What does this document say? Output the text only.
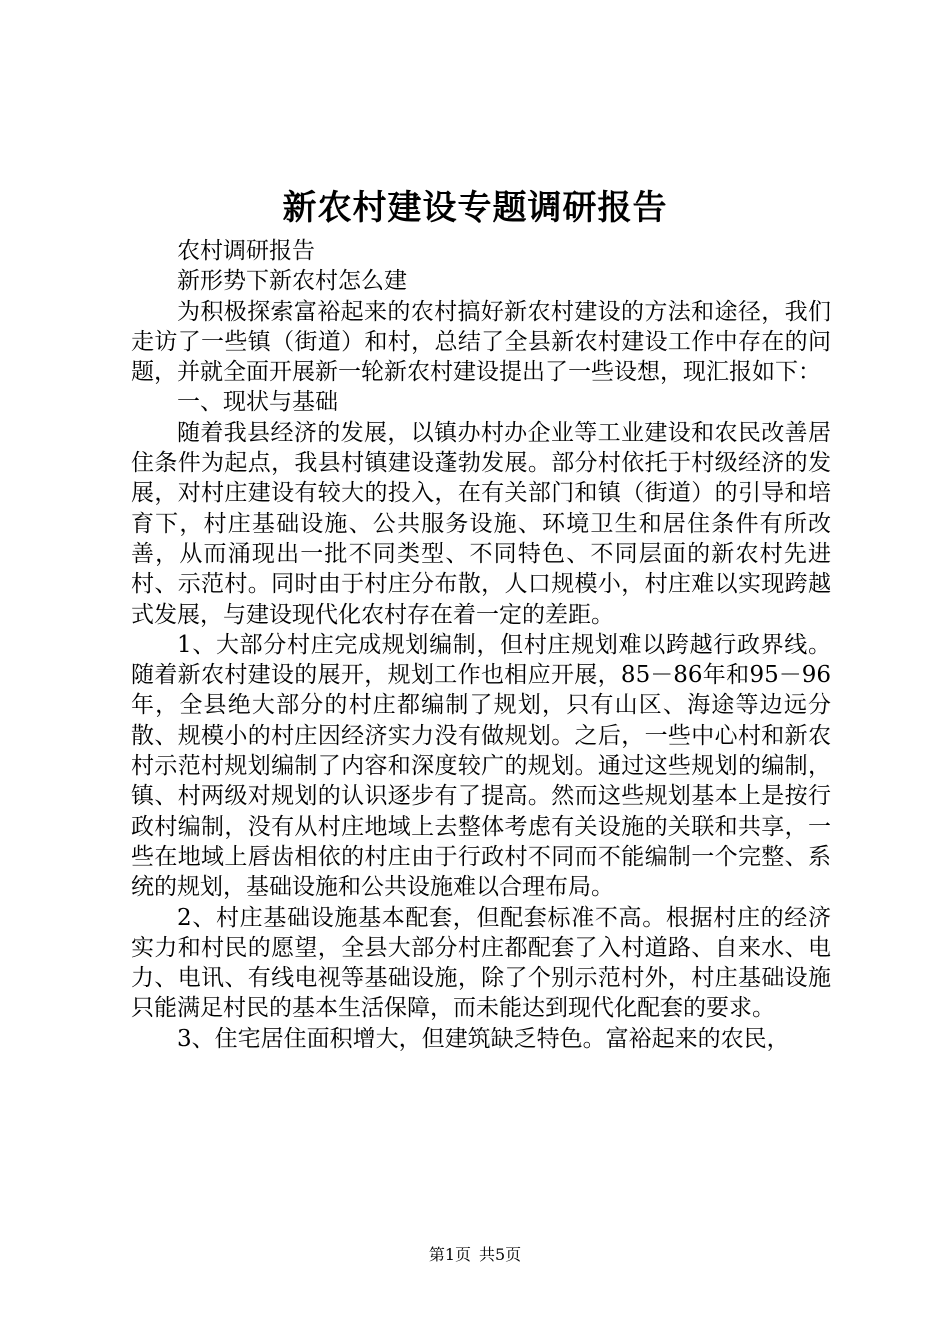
新农村建设专题调研报告

农村调研报告

新形势下新农村怎么建

为积极探索富裕起来的农村搞好新农村建设的方法和途径，我们走访了一些镇（街道）和村，总结了全县新农村建设工作中存在的问题，并就全面开展新一轮新农村建设提出了一些设想，现汇报如下：

一、现状与基础

随着我县经济的发展，以镇办村办企业等工业建设和农民改善居住条件为起点，我县村镇建设蓬勃发展。部分村依托于村级经济的发展，对村庄建设有较大的投入，在有关部门和镇（街道）的引导和培育下，村庄基础设施、公共服务设施、环境卫生和居住条件有所改善，从而涌现出一批不同类型、不同特色、不同层面的新农村先进村、示范村。同时由于村庄分布散，人口规模小，村庄难以实现跨越式发展，与建设现代化农村存在着一定的差距。

1、大部分村庄完成规划编制，但村庄规划难以跨越行政界线。随着新农村建设的展开，规划工作也相应开展，85－86年和95－96年，全县绝大部分的村庄都编制了规划，只有山区、海途等边远分散、规模小的村庄因经济实力没有做规划。之后，一些中心村和新农村示范村规划编制了内容和深度较广的规划。通过这些规划的编制，镇、村两级对规划的认识逐步有了提高。然而这些规划基本上是按行政村编制，没有从村庄地域上去整体考虑有关设施的关联和共享，一些在地域上唇齿相依的村庄由于行政村不同而不能编制一个完整、系统的规划，基础设施和公共设施难以合理布局。

2、村庄基础设施基本配套，但配套标准不高。根据村庄的经济实力和村民的愿望，全县大部分村庄都配套了入村道路、自来水、电力、电讯、有线电视等基础设施，除了个别示范村外，村庄基础设施只能满足村民的基本生活保障，而未能达到现代化配套的要求。

3、住宅居住面积增大，但建筑缺乏特色。富裕起来的农民，

第1页 共5页
